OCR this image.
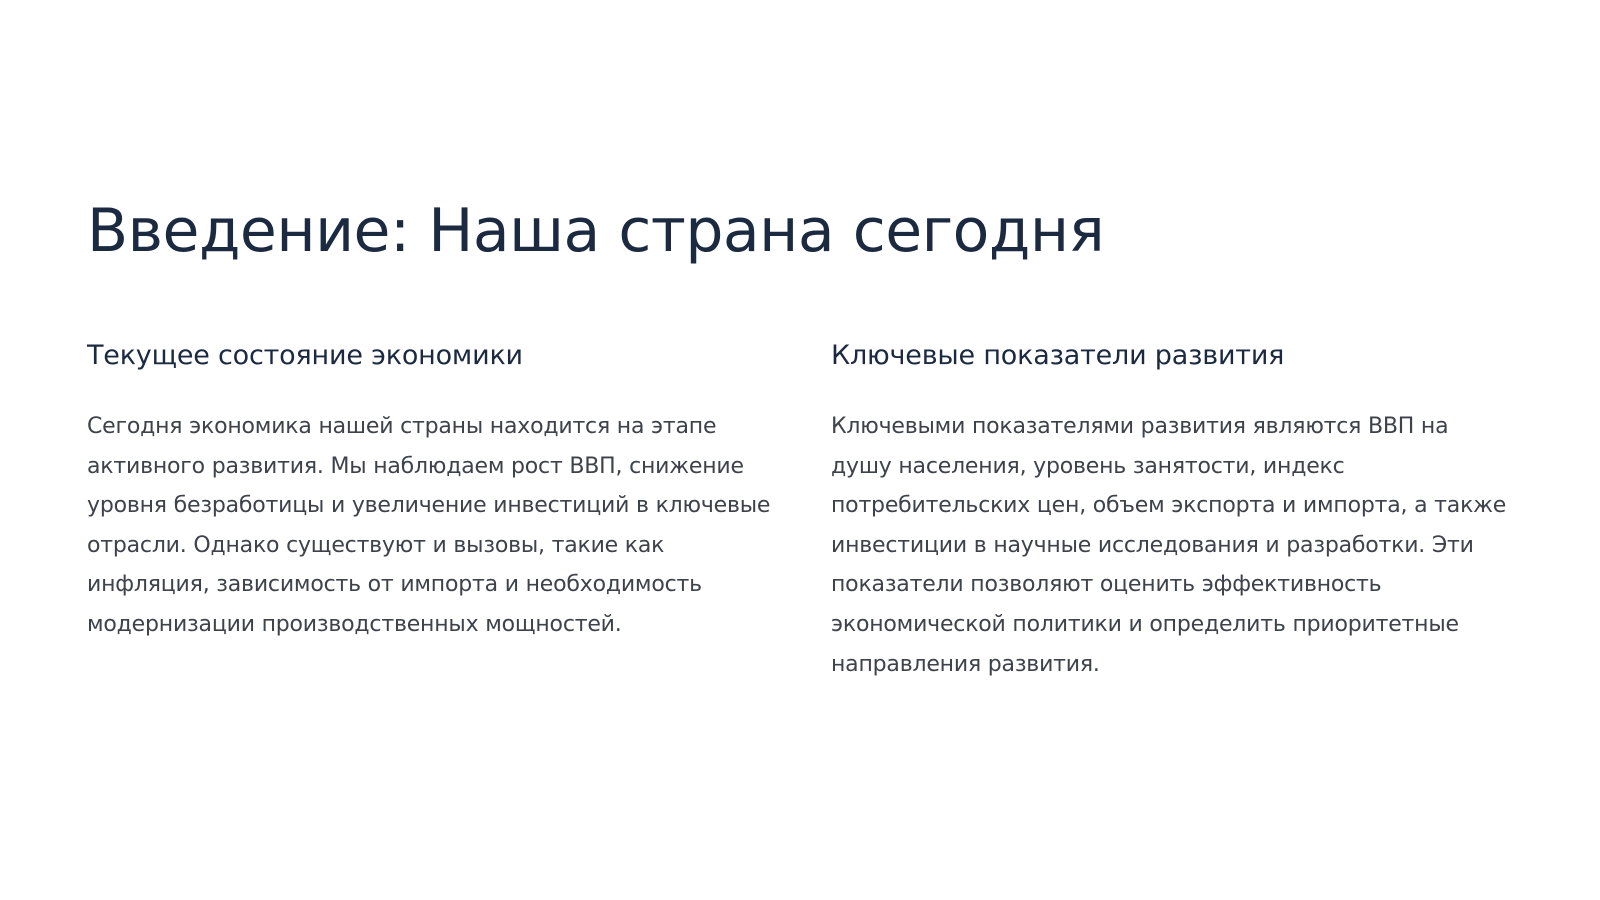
Введение: Наша страна сегодня
Текущее состояние экономики

Сегодня экономика нашей страны находится на этапе активного развития. Мы наблюдаем рост ВВП, снижение уровня безработицы и увеличение инвестиций в ключевые отрасли. Однако существуют и вызовы, такие как инфляция, зависимость от импорта и необходимость модернизации производственных мощностей.

Ключевые показатели развития

Ключевыми показателями развития являются ВВП на душу населения, уровень занятости, индекс потребительских цен, объем экспорта и импорта, а также инвестиции в научные исследования и разработки. Эти показатели позволяют оценить эффективность экономической политики и определить приоритетные направления развития.
